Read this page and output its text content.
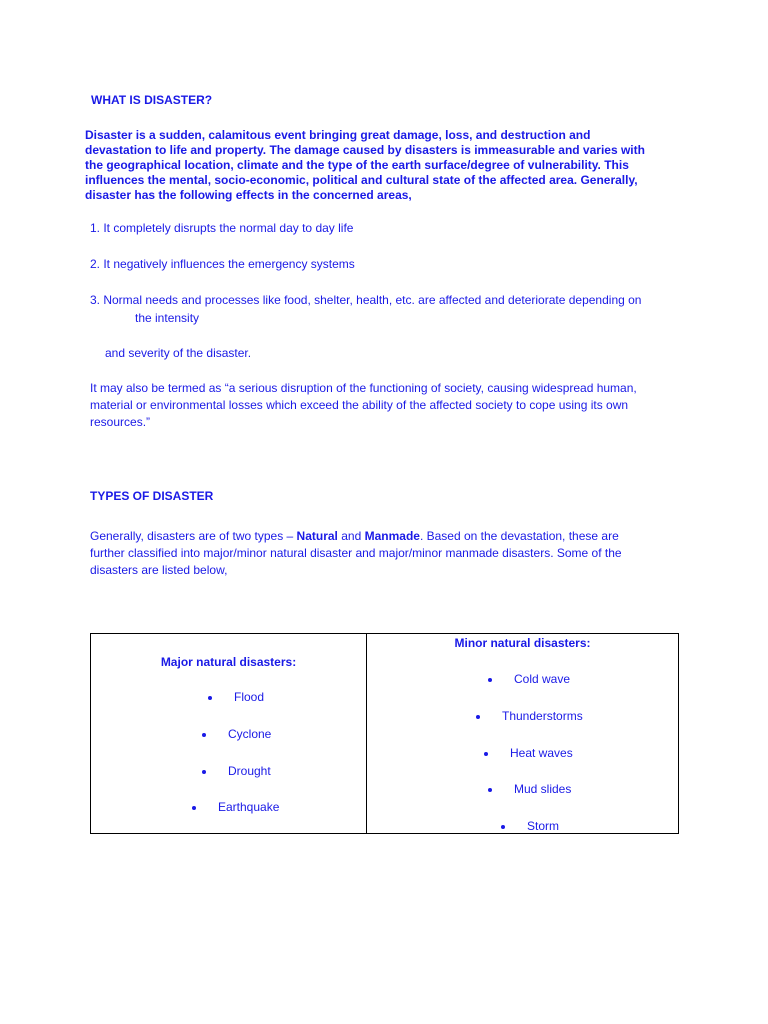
WHAT IS DISASTER?
Disaster is a sudden, calamitous event bringing great damage, loss, and destruction and
devastation to life and property. The damage caused by disasters is immeasurable and varies with
the geographical location, climate and the type of the earth surface/degree of vulnerability. This
influences the mental, socio-economic, political and cultural state of the affected area. Generally,
disaster has the following effects in the concerned areas,
1. It completely disrupts the normal day to day life
2. It negatively influences the emergency systems
3. Normal needs and processes like food, shelter, health, etc. are affected and deteriorate depending on
the intensity
and severity of the disaster.
It may also be termed as “a serious disruption of the functioning of society, causing widespread human,
material or environmental losses which exceed the ability of the affected society to cope using its own
resources.”
TYPES OF DISASTER
Generally, disasters are of two types – Natural and Manmade. Based on the devastation, these are
further classified into major/minor natural disaster and major/minor manmade disasters. Some of the
disasters are listed below,
Major natural disasters:
Flood
Cyclone
Drought
Earthquake
Minor natural disasters:
Cold wave
Thunderstorms
Heat waves
Mud slides
Storm
